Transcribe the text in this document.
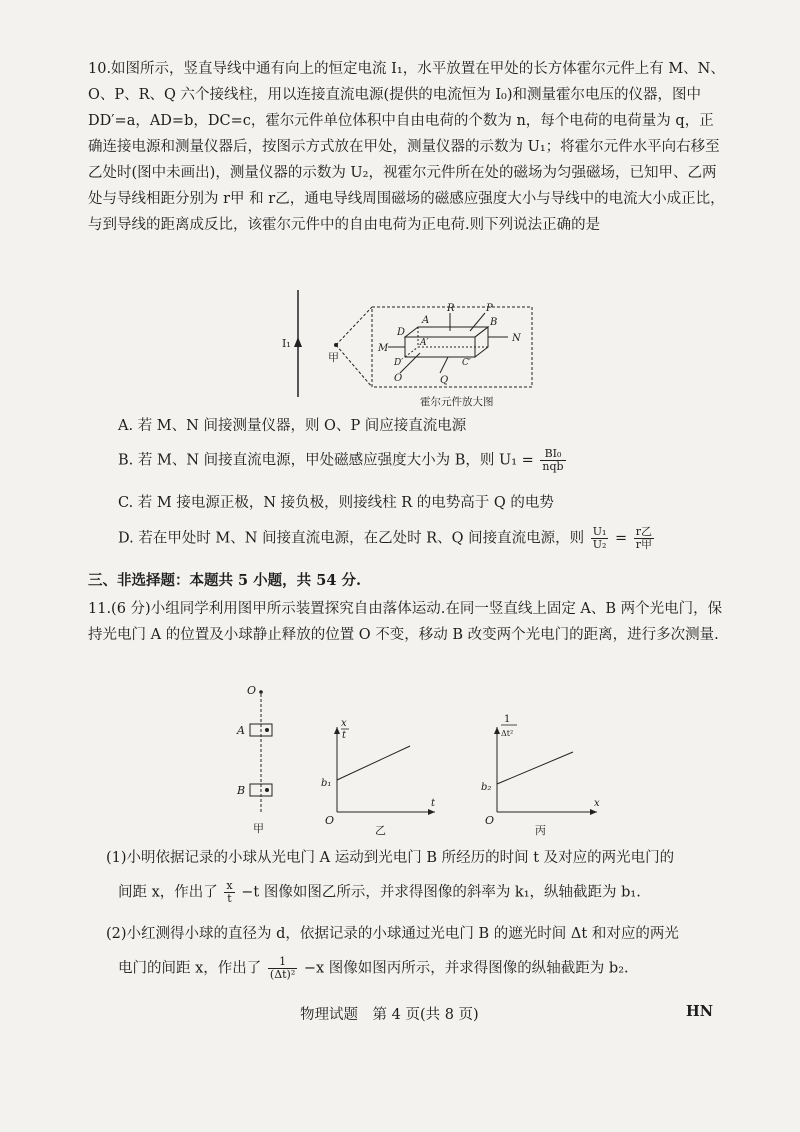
10.如图所示，竖直导线中通有向上的恒定电流 I₁，水平放置在甲处的长方体霍尔元件上有 M、N、O、P、R、Q 六个接线柱，用以连接直流电源(提供的电流恒为 I₀)和测量霍尔电压的仪器，图中 DD′=a，AD=b，DC=c，霍尔元件单位体积中自由电荷的个数为 n，每个电荷的电荷量为 q，正确连接电源和测量仪器后，按图示方式放在甲处，测量仪器的示数为 U₁；将霍尔元件水平向右移至乙处时(图中未画出)，测量仪器的示数为 U₂，视霍尔元件所在处的磁场为匀强磁场，已知甲、乙两处与导线相距分别为 r甲 和 r乙，通电导线周围磁场的磁感应强度大小与导线中的电流大小成正比，与到导线的距离成反比，该霍尔元件中的自由电荷为正电荷.则下列说法正确的是
I₁
甲
R	P
A	B
D
M
N
A′
D′	C′
O	Q
霍尔元件放大图
A. 若 M、N 间接测量仪器，则 O、P 间应接直流电源
B. 若 M、N 间接直流电源，甲处磁感应强度大小为 B，则 $U_1 = \frac{\text{BI₀}}{\text{nqb}}$
C. 若 M 接电源正极，N 接负极，则接线柱 R 的电势高于 Q 的电势
D. 若在甲处时 M、N 间接直流电源，在乙处时 R、Q 间接直流电源，则 $\frac{\text{U₁}}{\text{U₂}} = \frac{\text{r乙}}{\text{r甲}}$
三、非选择题：本题共 5 小题，共 54 分.
11.(6 分)小组同学利用图甲所示装置探究自由落体运动.在同一竖直线上固定 A、B 两个光电门，保持光电门 A 的位置及小球静止释放的位置 O 不变，移动 B 改变两个光电门的距离，进行多次测量.
O
A
B
甲
x
t
b₁
O
t
乙
1
Δt²
b₂
O
x
丙
(1)小明依据记录的小球从光电门 A 运动到光电门 B 所经历的时间 t 及对应的两光电门的
间距 x，作出了 $\frac{x}{t} -t$ 图像如图乙所示，并求得图像的斜率为 k₁，纵轴截距为 b₁.
(2)小红测得小球的直径为 d，依据记录的小球通过光电门 B 的遮光时间 Δt 和对应的两光
电门的间距 x，作出了 $\frac{1}{\text{(Δt)²}} -x$ 图像如图丙所示，并求得图像的纵轴截距为 b₂.
物理试题　第 4 页(共 8 页)	HN
